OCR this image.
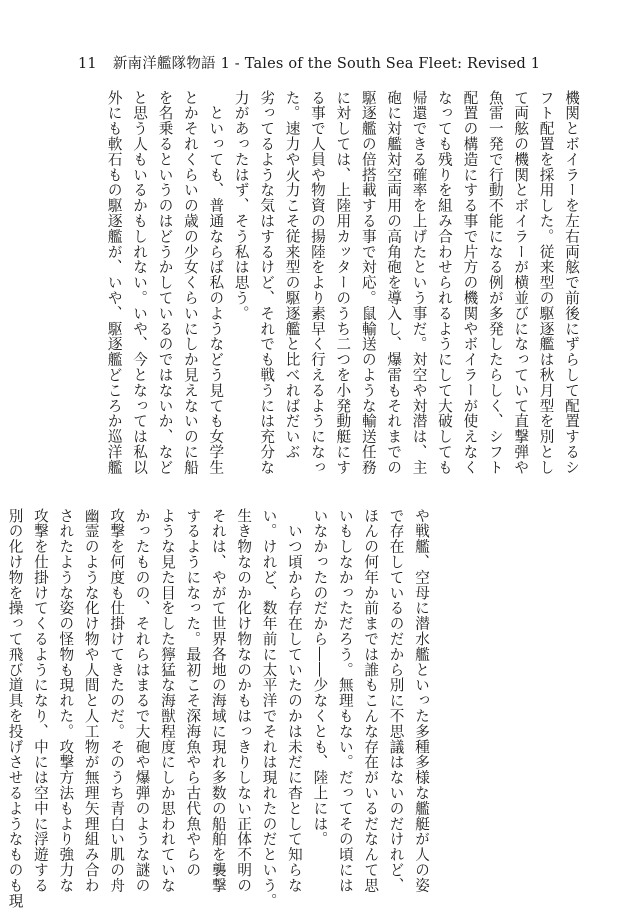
11 新南洋艦隊物語 1 - Tales of the South Sea Fleet: Revised 1

機関とボイラーを左右両舷で前後にずらして配置するシ

フト配置を採用した。従来型の駆逐艦は秋月型を別とし

て両舷の機関とボイラーが横並びになっていて直撃弾や

魚雷一発で行動不能になる例が多発したらしく、シフト

配置の構造にする事で片方の機関やボイラーが使えなく

なっても残りを組み合わせられるようにして大破しても

帰還できる確率を上げたという事だ。対空や対潜は、主

砲に対艦対空両用の高角砲を導入し、爆雷もそれまでの

駆逐艦の倍搭載する事で対応。鼠輸送のような輸送任務

に対しては、上陸用カッターのうち二つを小発動艇にす

る事で人員や物資の揚陸をより素早く行えるようになっ

た。速力や火力こそ従来型の駆逐艦と比べればだいぶ

劣ってるような気はするけど、それでも戦うには充分な

力があったはず、そう私は思う。

　といっても、普通ならば私のようなどう見ても女学生

とかそれくらいの歳の少女くらいにしか見えないのに船

を名乗るというのはどうかしているのではないか、など

と思う人もいるかもしれない。いや、今となっては私以

外にも軟石もの駆逐艦が、いや、駆逐艦どころか巡洋艦

や戦艦、空母に潜水艦といった多種多様な艦艇が人の姿

で存在しているのだから別に不思議はないのだけれど、

ほんの何年か前までは誰もこんな存在がいるだなんて思

いもしなかっただろう。無理もない。だってその頃には

いなかったのだから――少なくとも、陸上には。

　いつ頃から存在していたのかは未だに杳として知らな

い。けれど、数年前に太平洋でそれは現れたのだという。

生き物なのか化け物なのかもはっきりしない正体不明の

それは、やがて世界各地の海域に現れ多数の船舶を襲撃

するようになった。最初こそ深海魚やら古代魚やらの

ような見た目をした獰猛な海獣程度にしか思われていな

かったものの、それらはまるで大砲や爆弾のような謎の

攻撃を何度も仕掛けてきたのだ。そのうち青白い肌の舟

幽霊のような化け物や人間と人工物が無理矢理組み合わ

されたような姿の怪物も現れた。攻撃方法もより強力な

攻撃を仕掛けてくるようになり、中には空中に浮遊する

別の化け物を操って飛び道具を投げさせるようなものも現
